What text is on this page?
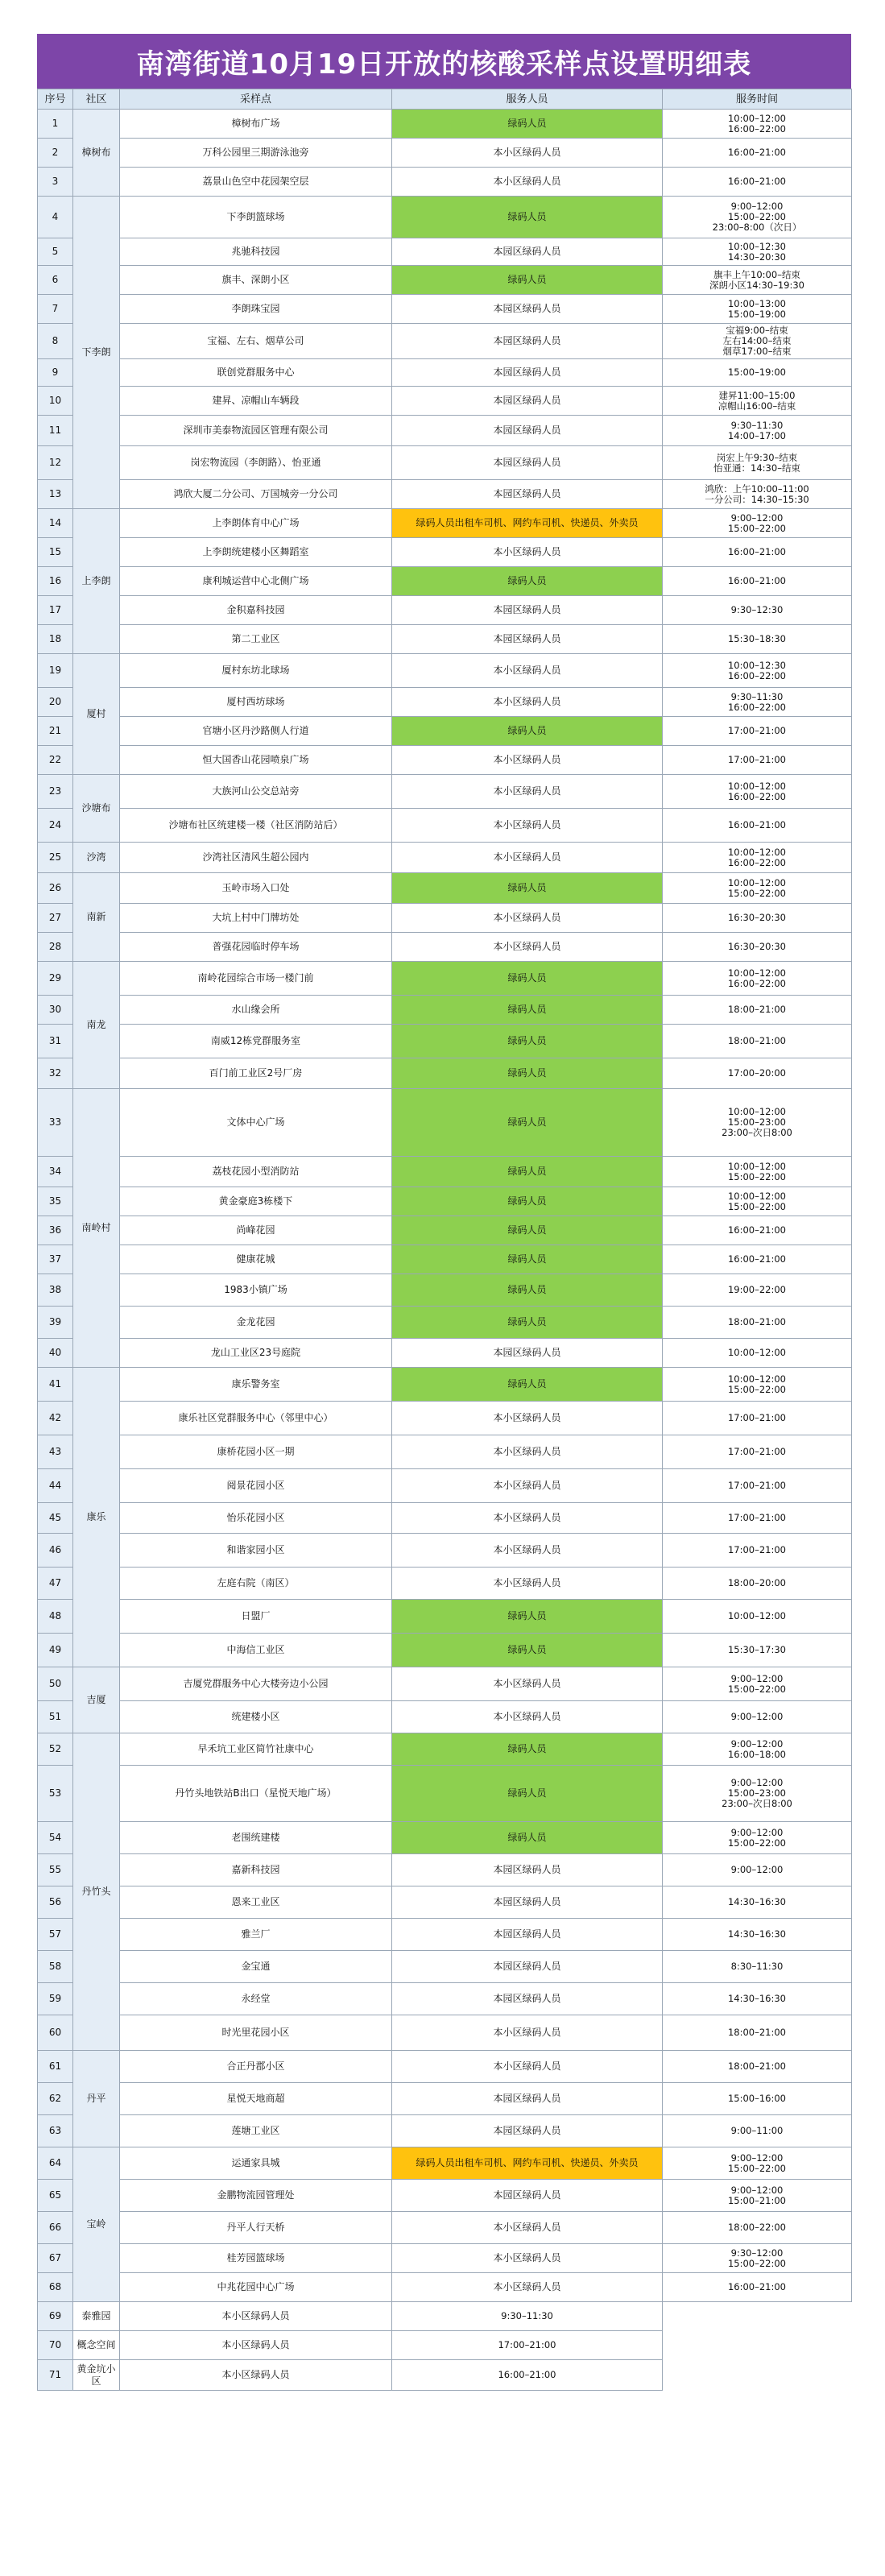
南湾街道10月19日开放的核酸采样点设置明细表
序号	社区	采样点	服务人员	服务时间
1	樟树布	樟树布广场	绿码人员	10:00–12:00
16:00–22:00

2		万科公园里三期游泳池旁	本小区绿码人员	16:00–21:00

3		荔景山色空中花园架空层	本小区绿码人员	16:00–21:00

4	下李朗	下李朗篮球场	绿码人员	9:00–12:00
15:00–22:00
23:00–8:00（次日）

5		兆驰科技园	本园区绿码人员	10:00–12:30
14:30–20:30

6		旗丰、深朗小区	绿码人员	旗丰上午10:00–结束
深朗小区14:30–19:30

7		李朗珠宝园	本园区绿码人员	10:00–13:00
15:00–19:00

8		宝福、左右、烟草公司	本园区绿码人员	宝福9:00–结束
左右14:00–结束
烟草17:00–结束

9		联创党群服务中心	本园区绿码人员	15:00–19:00

10		建昇、凉帽山车辆段	本园区绿码人员	建昇11:00–15:00
凉帽山16:00–结束

11		深圳市美泰物流园区管理有限公司	本园区绿码人员	9:30–11:30
14:00–17:00

12		岗宏物流园（李朗路）、怡亚通	本园区绿码人员	岗宏上午9:30–结束
怡亚通：14:30–结束

13		鸿欣大厦二分公司、万国城旁一分公司	本园区绿码人员	鸿欣：上午10:00–11:00
一分公司：14:30–15:30

14	上李朗	上李朗体育中心广场	绿码人员出租车司机、网约车司机、快递员、外卖员	9:00–12:00
15:00–22:00

15		上李朗统建楼小区舞蹈室	本小区绿码人员	16:00–21:00

16		康利城运营中心北侧广场	绿码人员	16:00–21:00

17		金积嘉科技园	本园区绿码人员	9:30–12:30

18		第二工业区	本园区绿码人员	15:30–18:30

19	厦村	厦村东坊北球场	本小区绿码人员	10:00–12:30
16:00–22:00

20		厦村西坊球场	本小区绿码人员	9:30–11:30
16:00–22:00

21		官塘小区丹沙路侧人行道	绿码人员	17:00–21:00

22		恒大国香山花园喷泉广场	本小区绿码人员	17:00–21:00

23	沙塘布	大族河山公交总站旁	本小区绿码人员	10:00–12:00
16:00–22:00

24		沙塘布社区统建楼一楼（社区消防站后）	本小区绿码人员	16:00–21:00

25	沙湾	沙湾社区清风生超公园内	本小区绿码人员	10:00–12:00
16:00–22:00

26	南新	玉岭市场入口处	绿码人员	10:00–12:00
15:00–22:00

27		大坑上村中门牌坊处	本小区绿码人员	16:30–20:30

28		普强花园临时停车场	本小区绿码人员	16:30–20:30

29	南龙	南岭花园综合市场一楼门前	绿码人员	10:00–12:00
16:00–22:00

30		水山缘会所	绿码人员	18:00–21:00

31		南威12栋党群服务室	绿码人员	18:00–21:00

32		百门前工业区2号厂房	绿码人员	17:00–20:00

33	南岭村	文体中心广场	绿码人员	10:00–12:00
15:00–23:00
23:00–次日8:00

34		荔枝花园小型消防站	绿码人员	10:00–12:00
15:00–22:00

35		黄金豪庭3栋楼下	绿码人员	10:00–12:00
15:00–22:00

36		尚峰花园	绿码人员	16:00–21:00

37		健康花城	绿码人员	16:00–21:00

38		1983小镇广场	绿码人员	19:00–22:00

39		金龙花园	绿码人员	18:00–21:00

40		龙山工业区23号庭院	本园区绿码人员	10:00–12:00

41	康乐	康乐警务室	绿码人员	10:00–12:00
15:00–22:00

42		康乐社区党群服务中心（邻里中心）	本小区绿码人员	17:00–21:00

43		康桥花园小区一期	本小区绿码人员	17:00–21:00

44		阅景花园小区	本小区绿码人员	17:00–21:00

45		怡乐花园小区	本小区绿码人员	17:00–21:00

46		和谐家园小区	本小区绿码人员	17:00–21:00

47		左庭右院（南区）	本小区绿码人员	18:00–20:00

48		日盟厂	绿码人员	10:00–12:00

49		中海信工业区	绿码人员	15:30–17:30

50	吉厦	吉厦党群服务中心大楼旁边小公园	本小区绿码人员	9:00–12:00
15:00–22:00

51		统建楼小区	本小区绿码人员	9:00–12:00

52	丹竹头	早禾坑工业区简竹社康中心	绿码人员	9:00–12:00
16:00–18:00

53		丹竹头地铁站B出口（星悦天地广场）	绿码人员	9:00–12:00
15:00–23:00
23:00–次日8:00

54		老围统建楼	绿码人员	9:00–12:00
15:00–22:00

55		嘉新科技园	本园区绿码人员	9:00–12:00

56		恩来工业区	本园区绿码人员	14:30–16:30

57		雅兰厂	本园区绿码人员	14:30–16:30

58		金宝通	本园区绿码人员	8:30–11:30

59		永经堂	本园区绿码人员	14:30–16:30

60		时光里花园小区	本小区绿码人员	18:00–21:00

61	丹平	合正丹郡小区	本小区绿码人员	18:00–21:00

62		星悦天地商超	本园区绿码人员	15:00–16:00

63		莲塘工业区	本园区绿码人员	9:00–11:00

64	宝岭	运通家具城	绿码人员出租车司机、网约车司机、快递员、外卖员	9:00–12:00
15:00–22:00

65		金鹏物流园管理处	本园区绿码人员	9:00–12:00
15:00–21:00

66		丹平人行天桥	本小区绿码人员	18:00–22:00

67		桂芳园篮球场	本小区绿码人员	9:30–12:00
15:00–22:00

68		中兆花园中心广场	本小区绿码人员	16:00–21:00

69	泰雅园	本小区绿码人员	9:30–11:30	

70	概念空间	本小区绿码人员	17:00–21:00	

71	黄金坑小区	本小区绿码人员	16:00–21:00	
